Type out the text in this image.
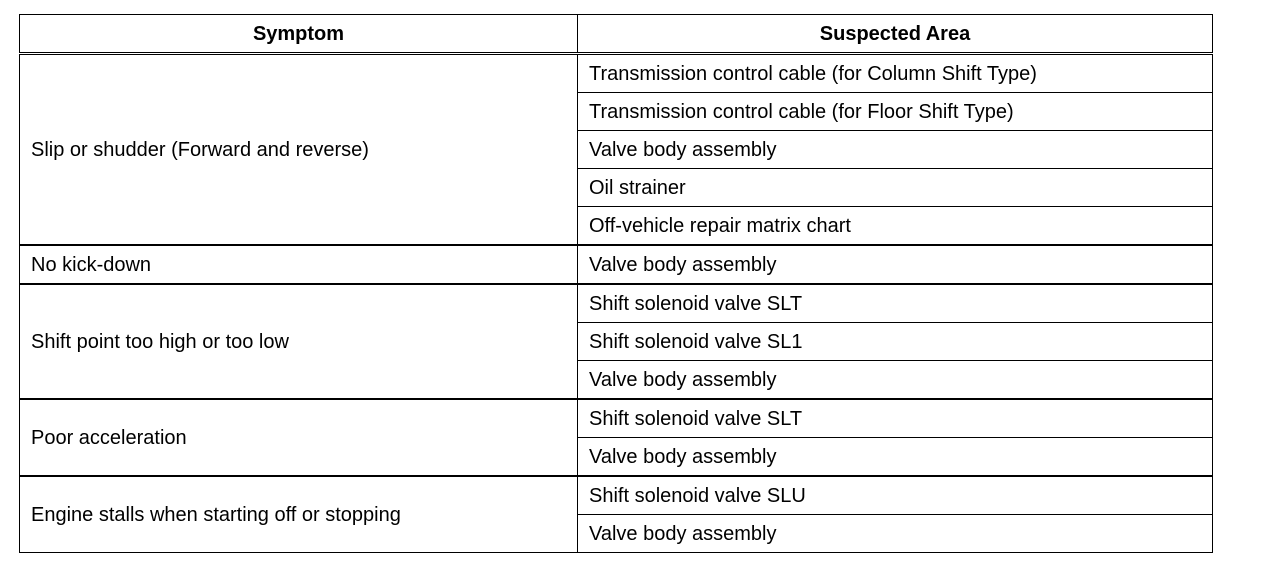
Symptom	Suspected Area
Slip or shudder (Forward and reverse)	Transmission control cable (for Column Shift Type)
	Transmission control cable (for Floor Shift Type)
	Valve body assembly
	Oil strainer
	Off-vehicle repair matrix chart
No kick-down	Valve body assembly
Shift point too high or too low	Shift solenoid valve SLT
	Shift solenoid valve SL1
	Valve body assembly
Poor acceleration	Shift solenoid valve SLT
	Valve body assembly
Engine stalls when starting off or stopping	Shift solenoid valve SLU
	Valve body assembly
